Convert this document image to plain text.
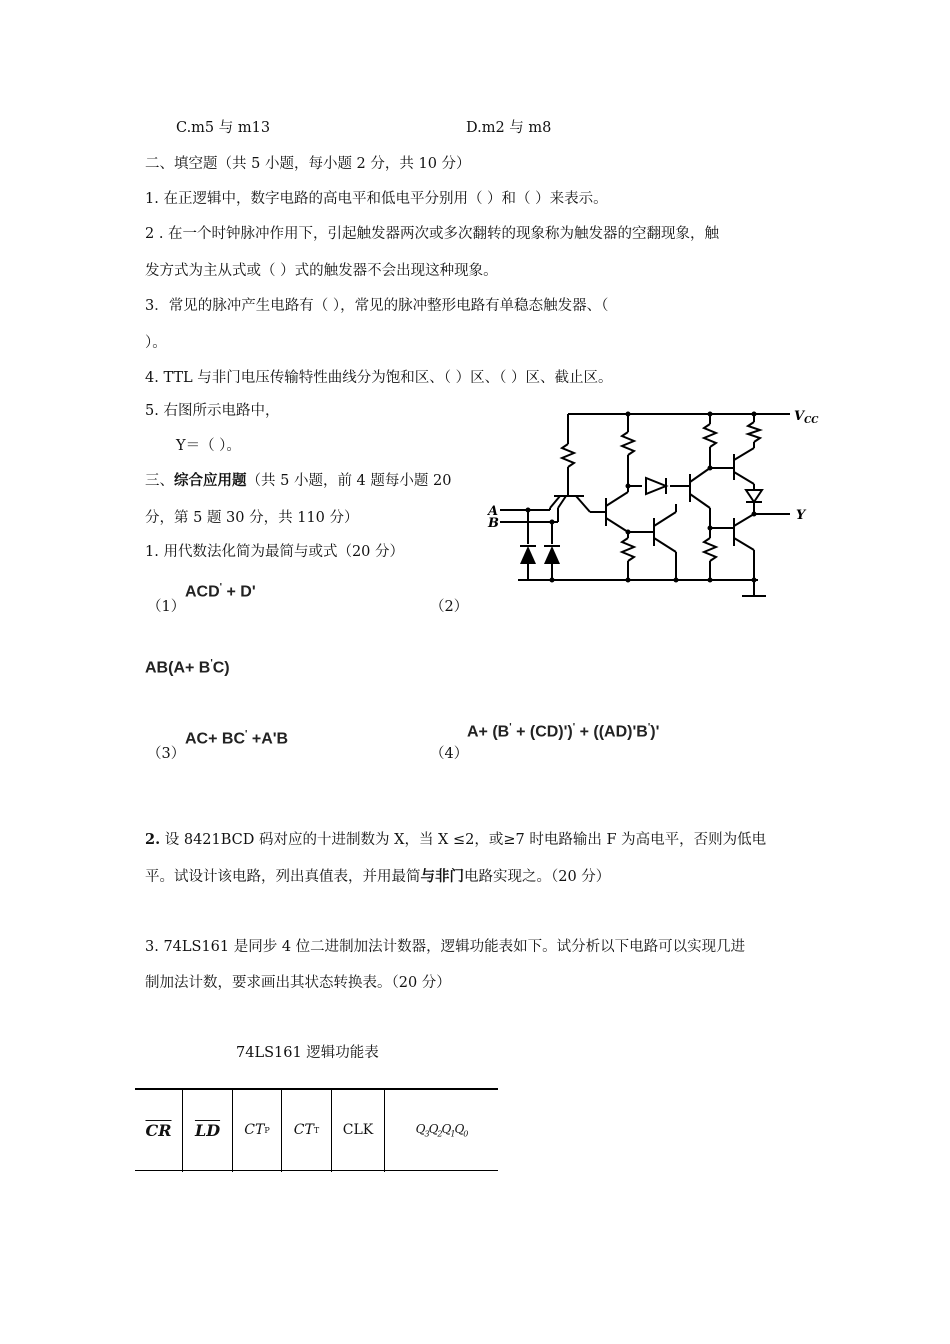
C.m5 与 m13	D.m2 与 m8
二、填空题（共 5 小题，每小题 2 分，共 10 分）
1. 在正逻辑中，数字电路的高电平和低电平分别用（ ）和（ ）来表示。
2 . 在一个时钟脉冲作用下，引起触发器两次或多次翻转的现象称为触发器的空翻现象，触
发方式为主从式或（ ）式的触发器不会出现这种现象。
3．常见的脉冲产生电路有（ ），常见的脉冲整形电路有单稳态触发器、（
）。
4. TTL 与非门电压传输特性曲线分为饱和区、（ ）区、（ ）区、截止区。
5. 右图所示电路中，
Y＝（ ）。
三、综合应用题（共 5 小题，前 4 题每小题 20
分，第 5 题 30 分，共 110 分）
1. 用代数法化简为最简与或式（20 分）
（1）
ACD' + D'
（2）
AB(A+ B'C)
（3）
AC+ BC' +A'B
（4）
A+ (B' + (CD)')' + ((AD)'B')'
2. 设 8421BCD 码对应的十进制数为 X，当 X ≤2，或≥7 时电路输出 F 为高电平，否则为低电
平。试设计该电路，列出真值表，并用最简与非门电路实现之。（20 分）
3. 74LS161 是同步 4 位二进制加法计数器，逻辑功能表如下。试分析以下电路可以实现几进
制加法计数，要求画出其状态转换表。（20 分）
74LS161 逻辑功能表
$\overline{CR}$ $\overline{LD}$ CT P CT T CLK	$Q_3Q_2Q_1Q_0$
$V_{CC}$
A
B
Y
